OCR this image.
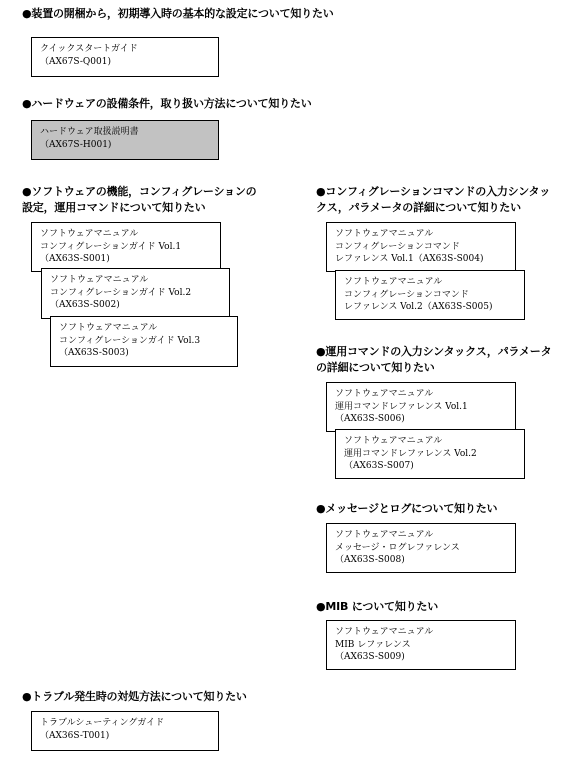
●装置の開梱から，初期導入時の基本的な設定について知りたい

クイックスタートガイド
（AX67S-Q001)

●ハードウェアの設備条件，取り扱い方法について知りたい

ハードウェア取扱説明書
（AX67S-H001)

●ソフトウェアの機能，コンフィグレーションの
設定，運用コマンドについて知りたい

ソフトウェアマニュアル
コンフィグレーションガイド Vol.1
（AX63S-S001)
ソフトウェアマニュアル
コンフィグレーションガイド Vol.2
（AX63S-S002)
ソフトウェアマニュアル
コンフィグレーションガイド Vol.3
（AX63S-S003)

●コンフィグレーションコマンドの入力シンタッ
クス，パラメータの詳細について知りたい

ソフトウェアマニュアル
コンフィグレーションコマンド
レファレンス Vol.1（AX63S-S004)
ソフトウェアマニュアル
コンフィグレーションコマンド
レファレンス Vol.2（AX63S-S005)

●運用コマンドの入力シンタックス，パラメータ
の詳細について知りたい

ソフトウェアマニュアル
運用コマンドレファレンス Vol.1
（AX63S-S006)
ソフトウェアマニュアル
運用コマンドレファレンス Vol.2
（AX63S-S007)

●メッセージとログについて知りたい

ソフトウェアマニュアル
メッセージ・ログレファレンス
（AX63S-S008)

●MIB について知りたい

ソフトウェアマニュアル
MIB レファレンス
（AX63S-S009)

●トラブル発生時の対処方法について知りたい

トラブルシューティングガイド
（AX36S-T001)
